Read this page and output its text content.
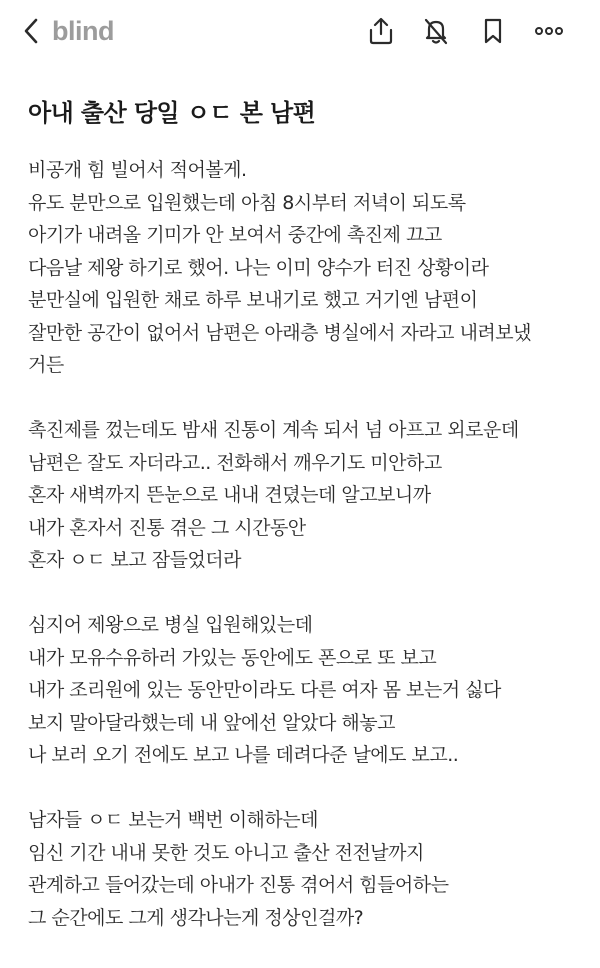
blind
아내 출산 당일 ㅇㄷ 본 남편
비공개 힘 빌어서 적어볼게.
유도 분만으로 입원했는데 아침 8시부터 저녁이 되도록
아기가 내려올 기미가 안 보여서 중간에 촉진제 끄고
다음날 제왕 하기로 했어. 나는 이미 양수가 터진 상황이라
분만실에 입원한 채로 하루 보내기로 했고 거기엔 남편이
잘만한 공간이 없어서 남편은 아래층 병실에서 자라고 내려보냈
거든
촉진제를 껐는데도 밤새 진통이 계속 되서 넘 아프고 외로운데
남편은 잘도 자더라고.. 전화해서 깨우기도 미안하고
혼자 새벽까지 뜬눈으로 내내 견뎠는데 알고보니까
내가 혼자서 진통 겪은 그 시간동안
혼자 ㅇㄷ 보고 잠들었더라
심지어 제왕으로 병실 입원해있는데
내가 모유수유하러 가있는 동안에도 폰으로 또 보고
내가 조리원에 있는 동안만이라도 다른 여자 몸 보는거 싫다
보지 말아달라했는데 내 앞에선 알았다 해놓고
나 보러 오기 전에도 보고 나를 데려다준 날에도 보고..
남자들 ㅇㄷ 보는거 백번 이해하는데
임신 기간 내내 못한 것도 아니고 출산 전전날까지
관계하고 들어갔는데 아내가 진통 겪어서 힘들어하는
그 순간에도 그게 생각나는게 정상인걸까?
